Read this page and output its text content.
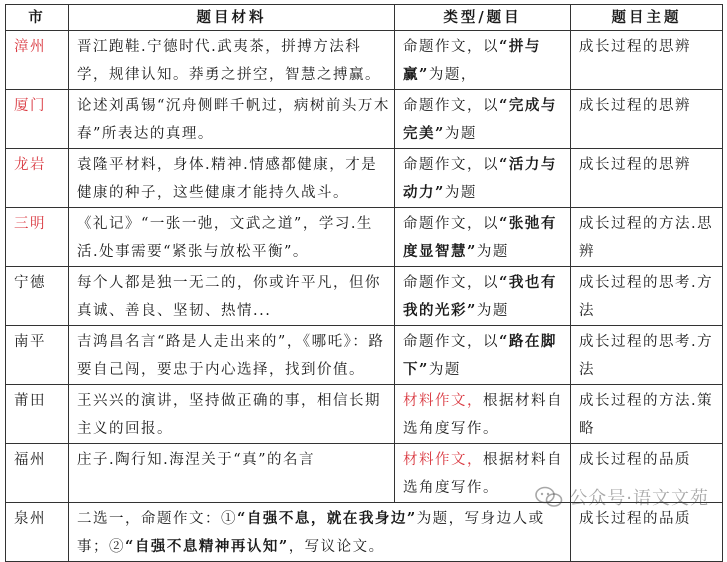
市	题目材料	类型/题目	题目主题
漳州	晋江跑鞋.宁德时代.武夷茶，拼搏方法科学，规律认知。莽勇之拼空，智慧之搏赢。	命题作文，以“拼与赢”为题，	成长过程的思辨
厦门	论述刘禹锡“沉舟侧畔千帆过，病树前头万木春”所表达的真理。	命题作文，以“完成与完美”为题	成长过程的思辨
龙岩	袁隆平材料，身体.精神.情感都健康，才是健康的种子，这些健康才能持久战斗。	命题作文，以“活力与动力”为题	成长过程的思辨
三明	《礼记》“一张一弛，文武之道”，学习.生活.处事需要“紧张与放松平衡”。	命题作文，以“张弛有度显智慧”为题	成长过程的方法.思辨
宁德	每个人都是独一无二的，你或许平凡，但你真诚、善良、坚韧、热情...	命题作文，以“我也有我的光彩”为题	成长过程的思考.方法
南平	吉鸿昌名言“路是人走出来的”，《哪吒》：路要自己闯，要忠于内心选择，找到价值。	命题作文，以“路在脚下”为题	成长过程的思考.方法
莆田	王兴兴的演讲，坚持做正确的事，相信长期主义的回报。	材料作文，根据材料自选角度写作。	成长过程的方法.策略
福州	庄子.陶行知.海涅关于“真”的名言	材料作文，根据材料自选角度写作。	成长过程的品质
泉州	二选一，命题作文：①“自强不息，就在我身边”为题，写身边人或事；②“自强不息精神再认知”，写议论文。		成长过程的品质
公众号·语文文苑
